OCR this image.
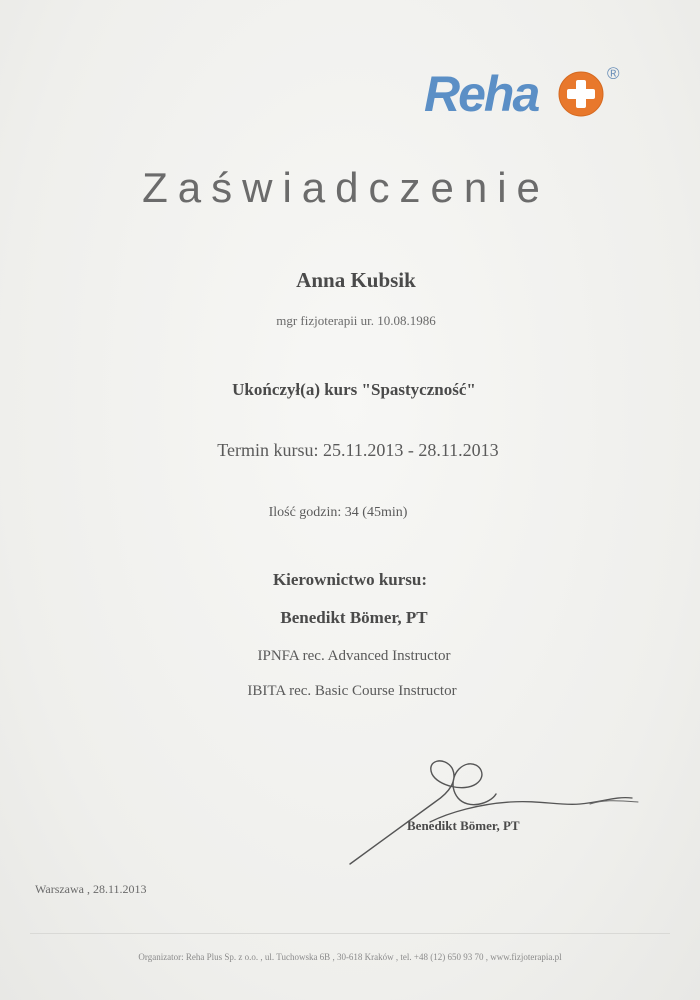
Reha	®
Zaświadczenie
Anna Kubsik
mgr fizjoterapii ur. 10.08.1986
Ukończył(a) kurs "Spastyczność"
Termin kursu: 25.11.2013 - 28.11.2013
Ilość godzin: 34 (45min)
Kierownictwo kursu:
Benedikt Bömer, PT
IPNFA rec. Advanced Instructor
IBITA rec. Basic Course Instructor
Benedikt Bömer, PT
Warszawa , 28.11.2013
Organizator: Reha Plus Sp. z o.o. , ul. Tuchowska 6B , 30-618 Kraków , tel. +48 (12) 650 93 70 , www.fizjoterapia.pl
